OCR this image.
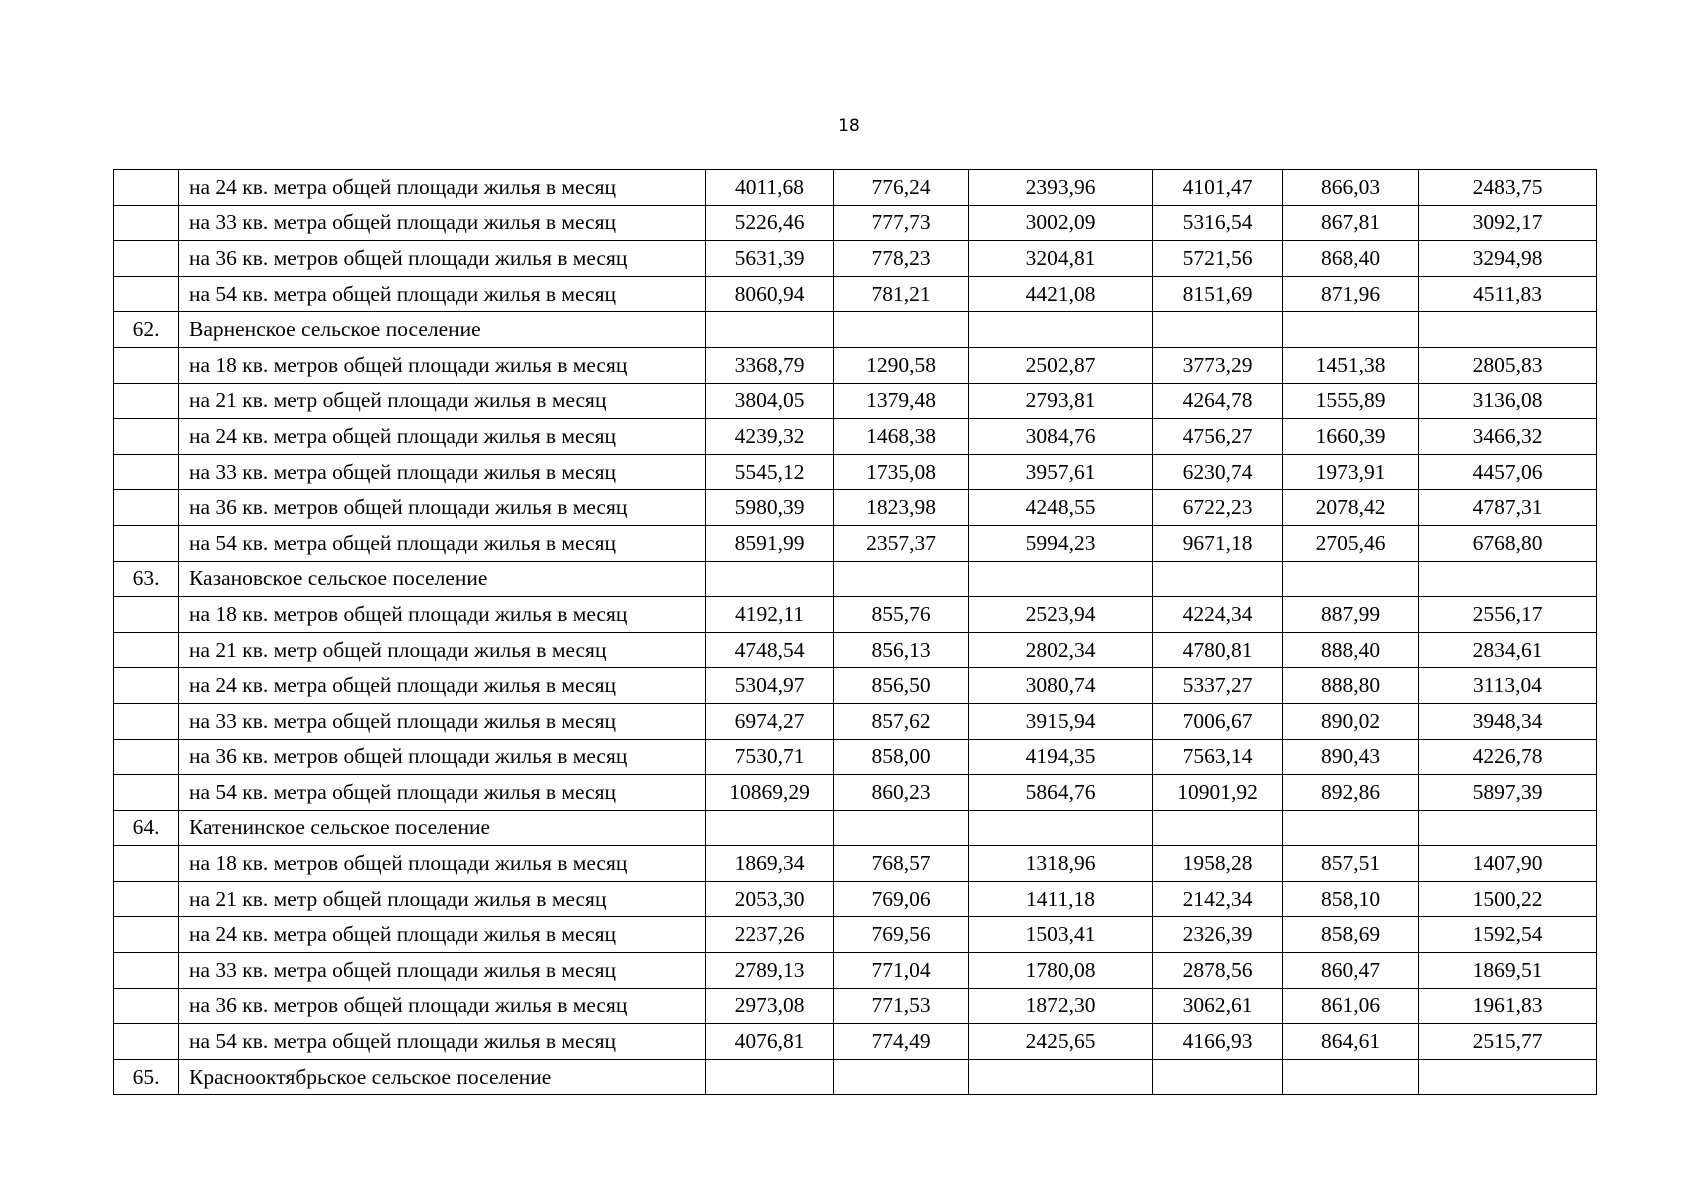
18
	на 24 кв. метра общей площади жилья в месяц	4011,68	776,24	2393,96	4101,47	866,03	2483,75
	на 33 кв. метра общей площади жилья в месяц	5226,46	777,73	3002,09	5316,54	867,81	3092,17
	на 36 кв. метров общей площади жилья в месяц	5631,39	778,23	3204,81	5721,56	868,40	3294,98
	на 54 кв. метра общей площади жилья в месяц	8060,94	781,21	4421,08	8151,69	871,96	4511,83
62.	Варненское сельское поселение						
	на 18 кв. метров общей площади жилья в месяц	3368,79	1290,58	2502,87	3773,29	1451,38	2805,83
	на 21 кв. метр общей площади жилья в месяц	3804,05	1379,48	2793,81	4264,78	1555,89	3136,08
	на 24 кв. метра общей площади жилья в месяц	4239,32	1468,38	3084,76	4756,27	1660,39	3466,32
	на 33 кв. метра общей площади жилья в месяц	5545,12	1735,08	3957,61	6230,74	1973,91	4457,06
	на 36 кв. метров общей площади жилья в месяц	5980,39	1823,98	4248,55	6722,23	2078,42	4787,31
	на 54 кв. метра общей площади жилья в месяц	8591,99	2357,37	5994,23	9671,18	2705,46	6768,80
63.	Казановское сельское поселение						
	на 18 кв. метров общей площади жилья в месяц	4192,11	855,76	2523,94	4224,34	887,99	2556,17
	на 21 кв. метр общей площади жилья в месяц	4748,54	856,13	2802,34	4780,81	888,40	2834,61
	на 24 кв. метра общей площади жилья в месяц	5304,97	856,50	3080,74	5337,27	888,80	3113,04
	на 33 кв. метра общей площади жилья в месяц	6974,27	857,62	3915,94	7006,67	890,02	3948,34
	на 36 кв. метров общей площади жилья в месяц	7530,71	858,00	4194,35	7563,14	890,43	4226,78
	на 54 кв. метра общей площади жилья в месяц	10869,29	860,23	5864,76	10901,92	892,86	5897,39
64.	Катенинское сельское поселение						
	на 18 кв. метров общей площади жилья в месяц	1869,34	768,57	1318,96	1958,28	857,51	1407,90
	на 21 кв. метр общей площади жилья в месяц	2053,30	769,06	1411,18	2142,34	858,10	1500,22
	на 24 кв. метра общей площади жилья в месяц	2237,26	769,56	1503,41	2326,39	858,69	1592,54
	на 33 кв. метра общей площади жилья в месяц	2789,13	771,04	1780,08	2878,56	860,47	1869,51
	на 36 кв. метров общей площади жилья в месяц	2973,08	771,53	1872,30	3062,61	861,06	1961,83
	на 54 кв. метра общей площади жилья в месяц	4076,81	774,49	2425,65	4166,93	864,61	2515,77
65.	Краснооктябрьское сельское поселение						
